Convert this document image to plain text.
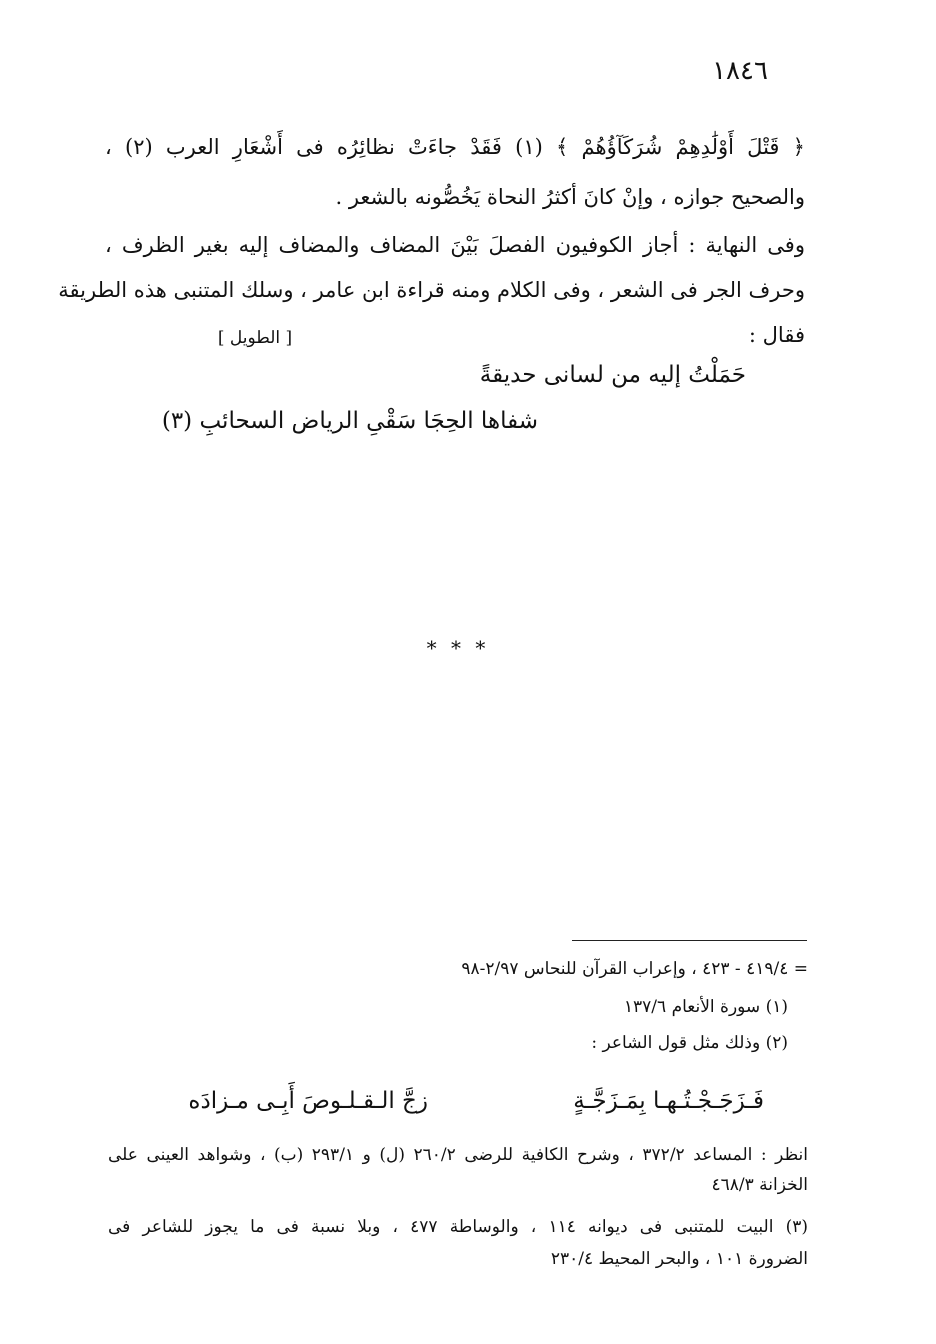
١٨٤٦
﴿ قَتْلَ أَوْلَٰدِهِمْ شُرَكَآؤُهُمْ ﴾ (١) فَقَدْ جاءَتْ نظائِرُه فى أَشْعَارِ العرب (٢) ،
والصحيح جوازه ، وإنْ كانَ أكثرُ النحاة يَخُصُّونه بالشعر .
وفى النهاية : أجاز الكوفيون الفصلَ بَيْنَ المضاف والمضاف إليه بغير الظرف ،
وحرف الجر فى الشعر ، وفى الكلام ومنه قراءة ابن عامر ، وسلك المتنبى هذه الطريقة
فقال :
[ الطويل ]
حَمَلْتُ إليه من لسانى حديقةً
شفاها الحِجَا سَقْىِ الرياض السحائبِ (٣)
* * *
= ٤١٩/٤ - ٤٢٣ ، وإعراب القرآن للنحاس ٢/٩٧-٩٨
(١) سورة الأنعام ١٣٧/٦
(٢) وذلك مثل قول الشاعر :
فَـزَجَـجْـتُـهـا بِمَـزَجَّـةٍ
زجَّ الـقـلـوصَ أَبِـى مـزادَه
انظر : المساعد ٣٧٢/٢ ، وشرح الكافية للرضى ٢٦٠/٢ (ل) و ٢٩٣/١ (ب) ، وشواهد العينى على
الخزانة ٤٦٨/٣
(٣) البيت للمتنبى فى ديوانه ١١٤ ، والوساطة ٤٧٧ ، وبلا نسبة فى ما يجوز للشاعر فى
الضرورة ١٠١ ، والبحر المحيط ٢٣٠/٤
